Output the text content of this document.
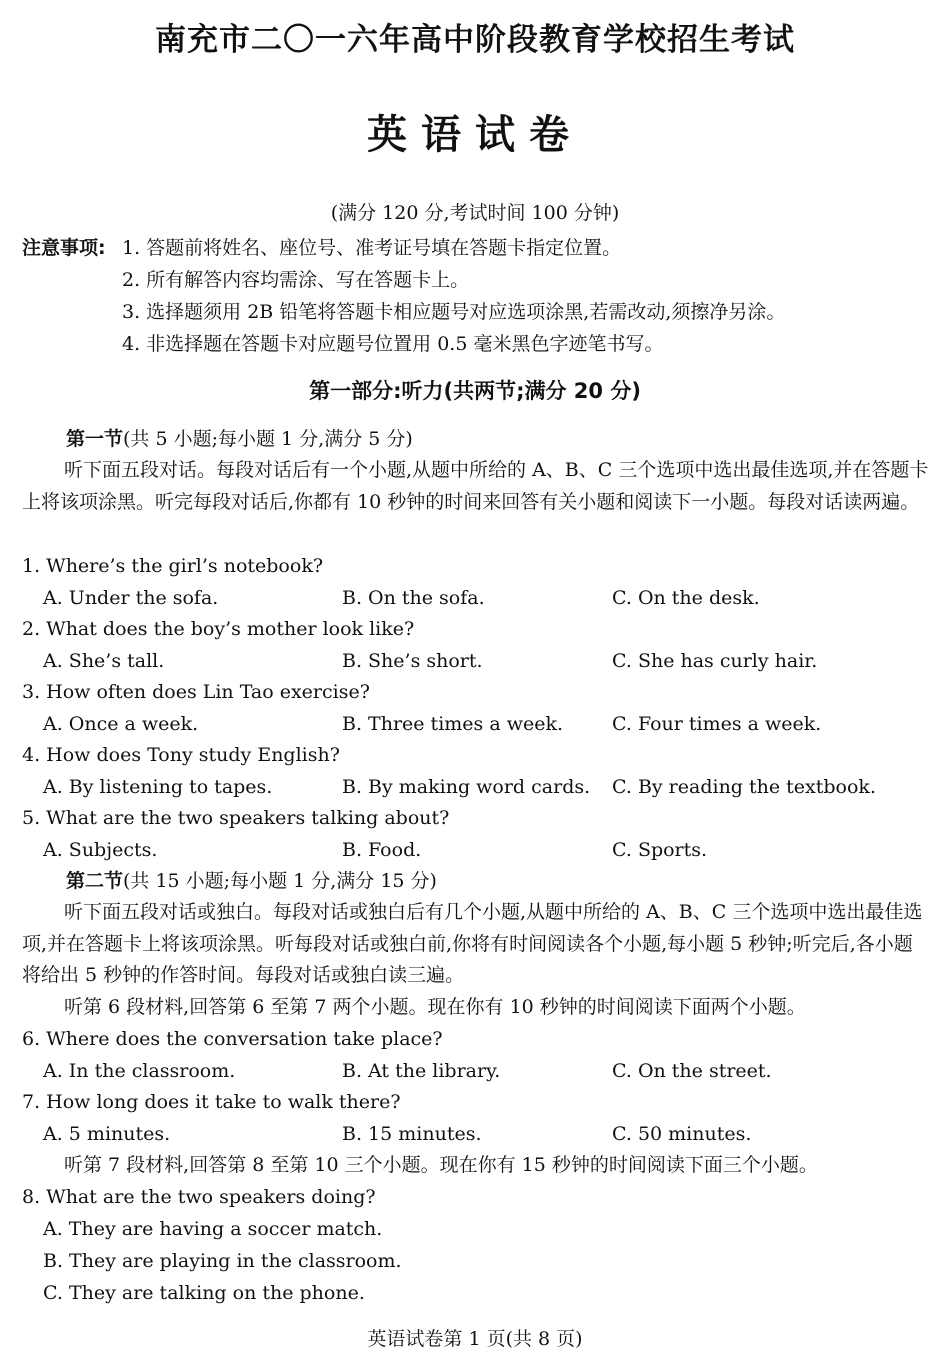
南充市二〇一六年高中阶段教育学校招生考试
英语试卷
(满分 120 分,考试时间 100 分钟)
注意事项: 1. 答题前将姓名、座位号、准考证号填在答题卡指定位置。
2. 所有解答内容均需涂、写在答题卡上。
3. 选择题须用 2B 铅笔将答题卡相应题号对应选项涂黑,若需改动,须擦净另涂。
4. 非选择题在答题卡对应题号位置用 0.5 毫米黑色字迹笔书写。
第一部分:听力(共两节;满分 20 分)
第一节(共 5 小题;每小题 1 分,满分 5 分)
听下面五段对话。每段对话后有一个小题,从题中所给的 A、B、C 三个选项中选出最佳选项,并在答题卡上将该项涂黑。听完每段对话后,你都有 10 秒钟的时间来回答有关小题和阅读下一小题。每段对话读两遍。
1. Where’s the girl’s notebook?
A. Under the sofa.	B. On the sofa.	C. On the desk.
2. What does the boy’s mother look like?
A. She’s tall.	B. She’s short.	C. She has curly hair.
3. How often does Lin Tao exercise?
A. Once a week.	B. Three times a week.	C. Four times a week.
4. How does Tony study English?
A. By listening to tapes.	B. By making word cards. C. By reading the textbook.
5. What are the two speakers talking about?
A. Subjects.	B. Food.	C. Sports.
第二节(共 15 小题;每小题 1 分,满分 15 分)
听下面五段对话或独白。每段对话或独白后有几个小题,从题中所给的 A、B、C 三个选项中选出最佳选项,并在答题卡上将该项涂黑。听每段对话或独白前,你将有时间阅读各个小题,每小题 5 秒钟;听完后,各小题将给出 5 秒钟的作答时间。每段对话或独白读三遍。
听第 6 段材料,回答第 6 至第 7 两个小题。现在你有 10 秒钟的时间阅读下面两个小题。
6. Where does the conversation take place?
A. In the classroom.	B. At the library.	C. On the street.
7. How long does it take to walk there?
A. 5 minutes.	B. 15 minutes.	C. 50 minutes.
听第 7 段材料,回答第 8 至第 10 三个小题。现在你有 15 秒钟的时间阅读下面三个小题。
8. What are the two speakers doing?
A. They are having a soccer match.
B. They are playing in the classroom.
C. They are talking on the phone.
英语试卷第 1 页(共 8 页)
